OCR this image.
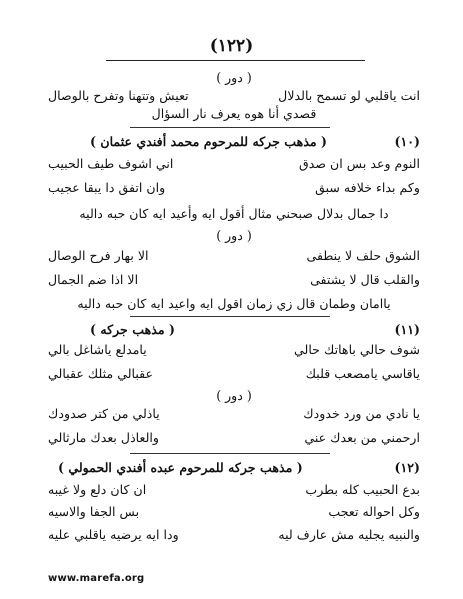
(١٢٢)
( دور )
انت ياقلبي لو تسمح بالدلال
تعيش وتتهنا وتفرح بالوصال
قصدي أنا هوه يعرف نار السؤال
(١٠)
( مذهب جركه للمرحوم محمد أفندي عثمان )
النوم وعد بس ان صدق
اني اشوف طيف الحبيب
وكم بداء خلافه سبق
وان اتفق دا يبقا عجيب
دا جمال بدلال صبحني مثال أقول ايه وأعيد ايه كان حبه داليه
( دور )
الشوق حلف لا ينطفى
الا بهار فرح الوصال
والقلب قال لا يشتفى
الا اذا ضم الجمال
ياامان وطمان قال زي زمان اقول ايه واعيد ايه كان حبه داليه
(١١)
( مذهب جركه )
شوف حالي باهاتك حالي
يامدلع ياشاغل بالي
ياقاسي يامصعب قلبك
عقبالي مثلك عقبالي
( دور )
يا نادي من ورد خدودك
ياذلي من كتر صدودك
ارحمني من بعدك عني
والعاذل بعدك مارثالي
(١٢)
( مذهب جركه للمرحوم عبده أفندي الحمولي )
بدع الحبيب كله بطرب
ان كان دلع ولا غيبه
وكل احواله تعجب
بس الجفا والاسيه
والنبيه يجليه مش عارف ليه
ودا ايه يرضيه ياقلبي عليه
www.marefa.org
